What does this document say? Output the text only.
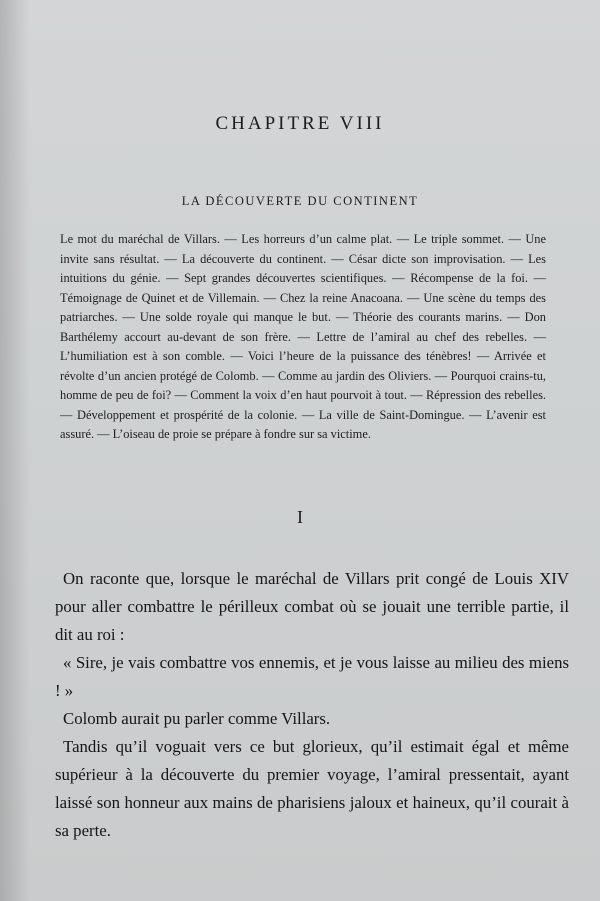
CHAPITRE VIII
LA DÉCOUVERTE DU CONTINENT
Le mot du maréchal de Villars. — Les horreurs d’un calme plat. — Le triple sommet. — Une invite sans résultat. — La découverte du continent. — César dicte son improvisation. — Les intuitions du génie. — Sept grandes découvertes scientifiques. — Récompense de la foi. — Témoignage de Quinet et de Villemain. — Chez la reine Anacoana. — Une scène du temps des patriarches. — Une solde royale qui manque le but. — Théorie des courants marins. — Don Barthélemy accourt au-devant de son frère. — Lettre de l’amiral au chef des rebelles. — L’humiliation est à son comble. — Voici l’heure de la puissance des ténèbres! — Arrivée et révolte d’un ancien protégé de Colomb. — Comme au jardin des Oliviers. — Pourquoi crains-tu, homme de peu de foi? — Comment la voix d’en haut pourvoit à tout. — Répression des rebelles. — Développement et prospérité de la colonie. — La ville de Saint-Domingue. — L’avenir est assuré. — L’oiseau de proie se prépare à fondre sur sa victime.
I

On raconte que, lorsque le maréchal de Villars prit congé de Louis XIV pour aller combattre le périlleux combat où se jouait une terrible partie, il dit au roi :

« Sire, je vais combattre vos ennemis, et je vous laisse au milieu des miens ! »

Colomb aurait pu parler comme Villars.

Tandis qu’il voguait vers ce but glorieux, qu’il estimait égal et même supérieur à la découverte du premier voyage, l’amiral pressentait, ayant laissé son honneur aux mains de pharisiens jaloux et haineux, qu’il courait à sa perte.
